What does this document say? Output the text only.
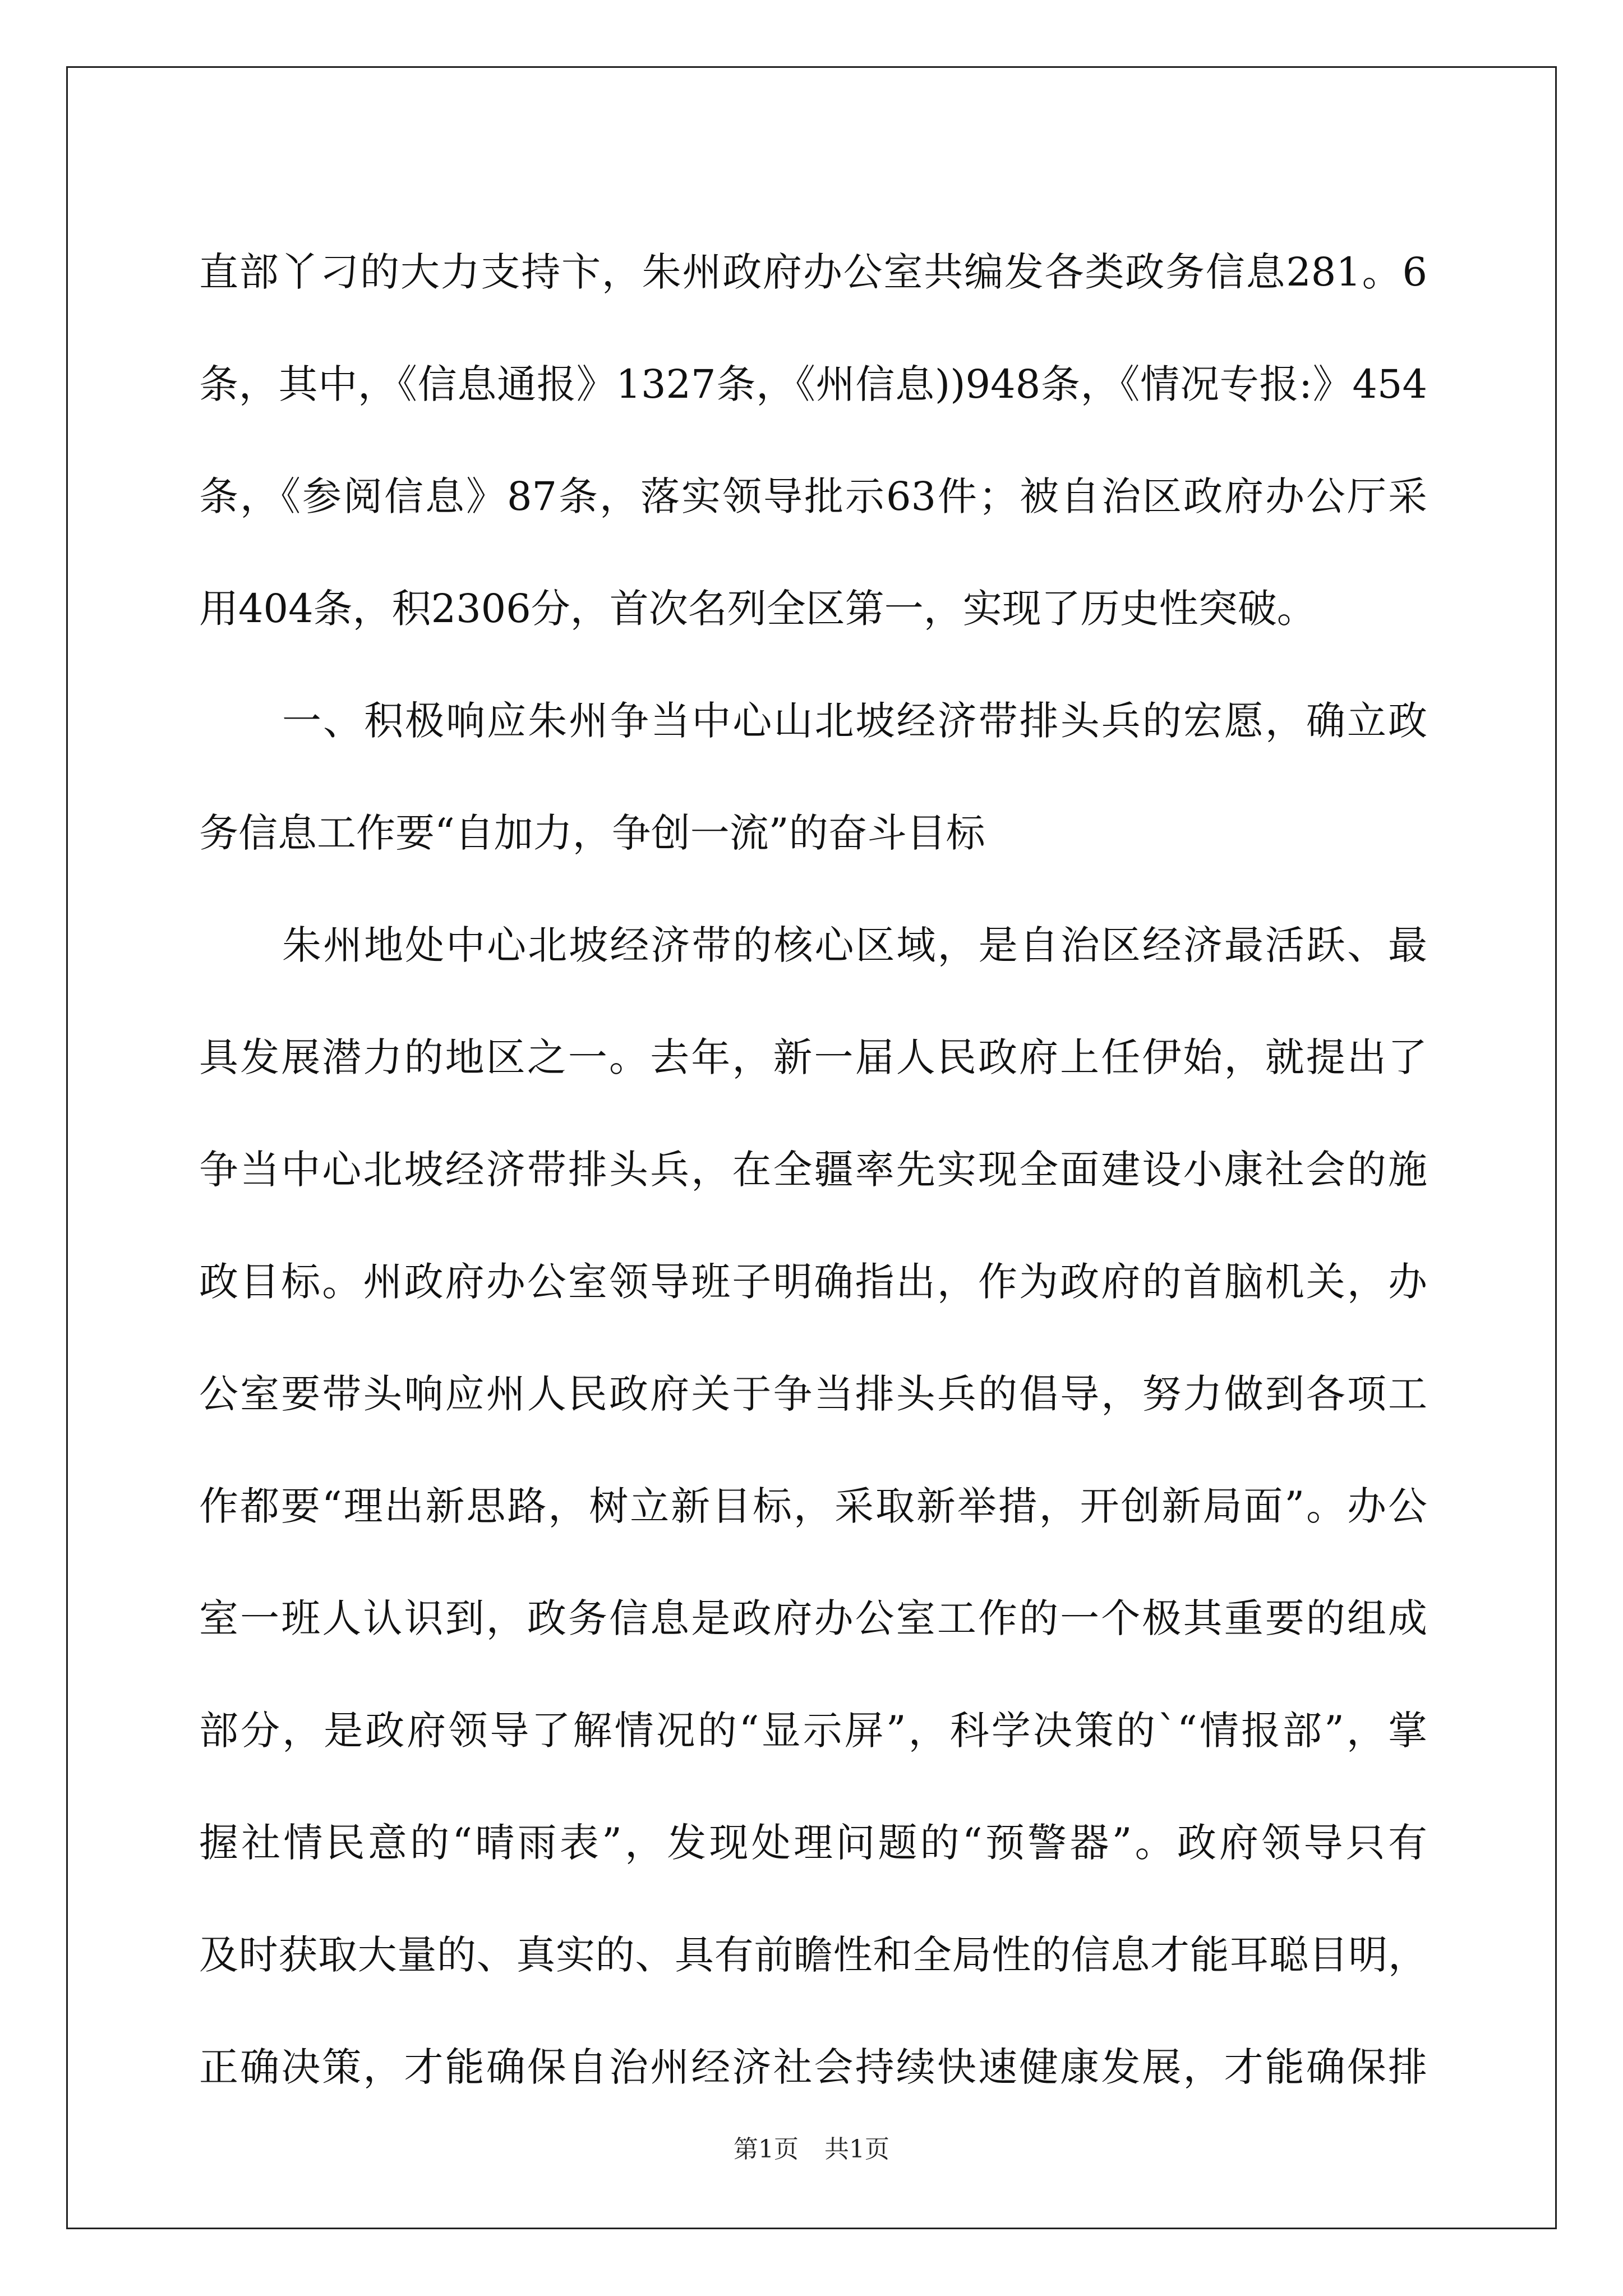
直部丫刁的大力支持卞，朱州政府办公室共编发各类政务信息281。6
条，其中，《信息通报》1327条，《州信息))948条，《情况专报:》454
条，《参阅信息》87条，落实领导批示63件；被自治区政府办公厅采
用404条，积2306分，首次名列全区第一，实现了历史性突破。
一、积极响应朱州争当中心山北坡经济带排头兵的宏愿，确立政
务信息工作要“自加力，争创一流”的奋斗目标
朱州地处中心北坡经济带的核心区域，是自治区经济最活跃、最
具发展潜力的地区之一。去年，新一届人民政府上任伊始，就提出了
争当中心北坡经济带排头兵，在全疆率先实现全面建设小康社会的施
政目标。州政府办公室领导班子明确指出，作为政府的首脑机关，办
公室要带头响应州人民政府关于争当排头兵的倡导，努力做到各项工
作都要“理出新思路，树立新目标，采取新举措，开创新局面”。办公
室一班人认识到，政务信息是政府办公室工作的一个极其重要的组成
部分，是政府领导了解情况的“显示屏”，科学决策的`“情报部”，掌
握社情民意的“晴雨表”，发现处理问题的“预警器”。政府领导只有
及时获取大量的、真实的、具有前瞻性和全局性的信息才能耳聪目明，
正确决策，才能确保自治州经济社会持续快速健康发展，才能确保排
第1页 共1页
